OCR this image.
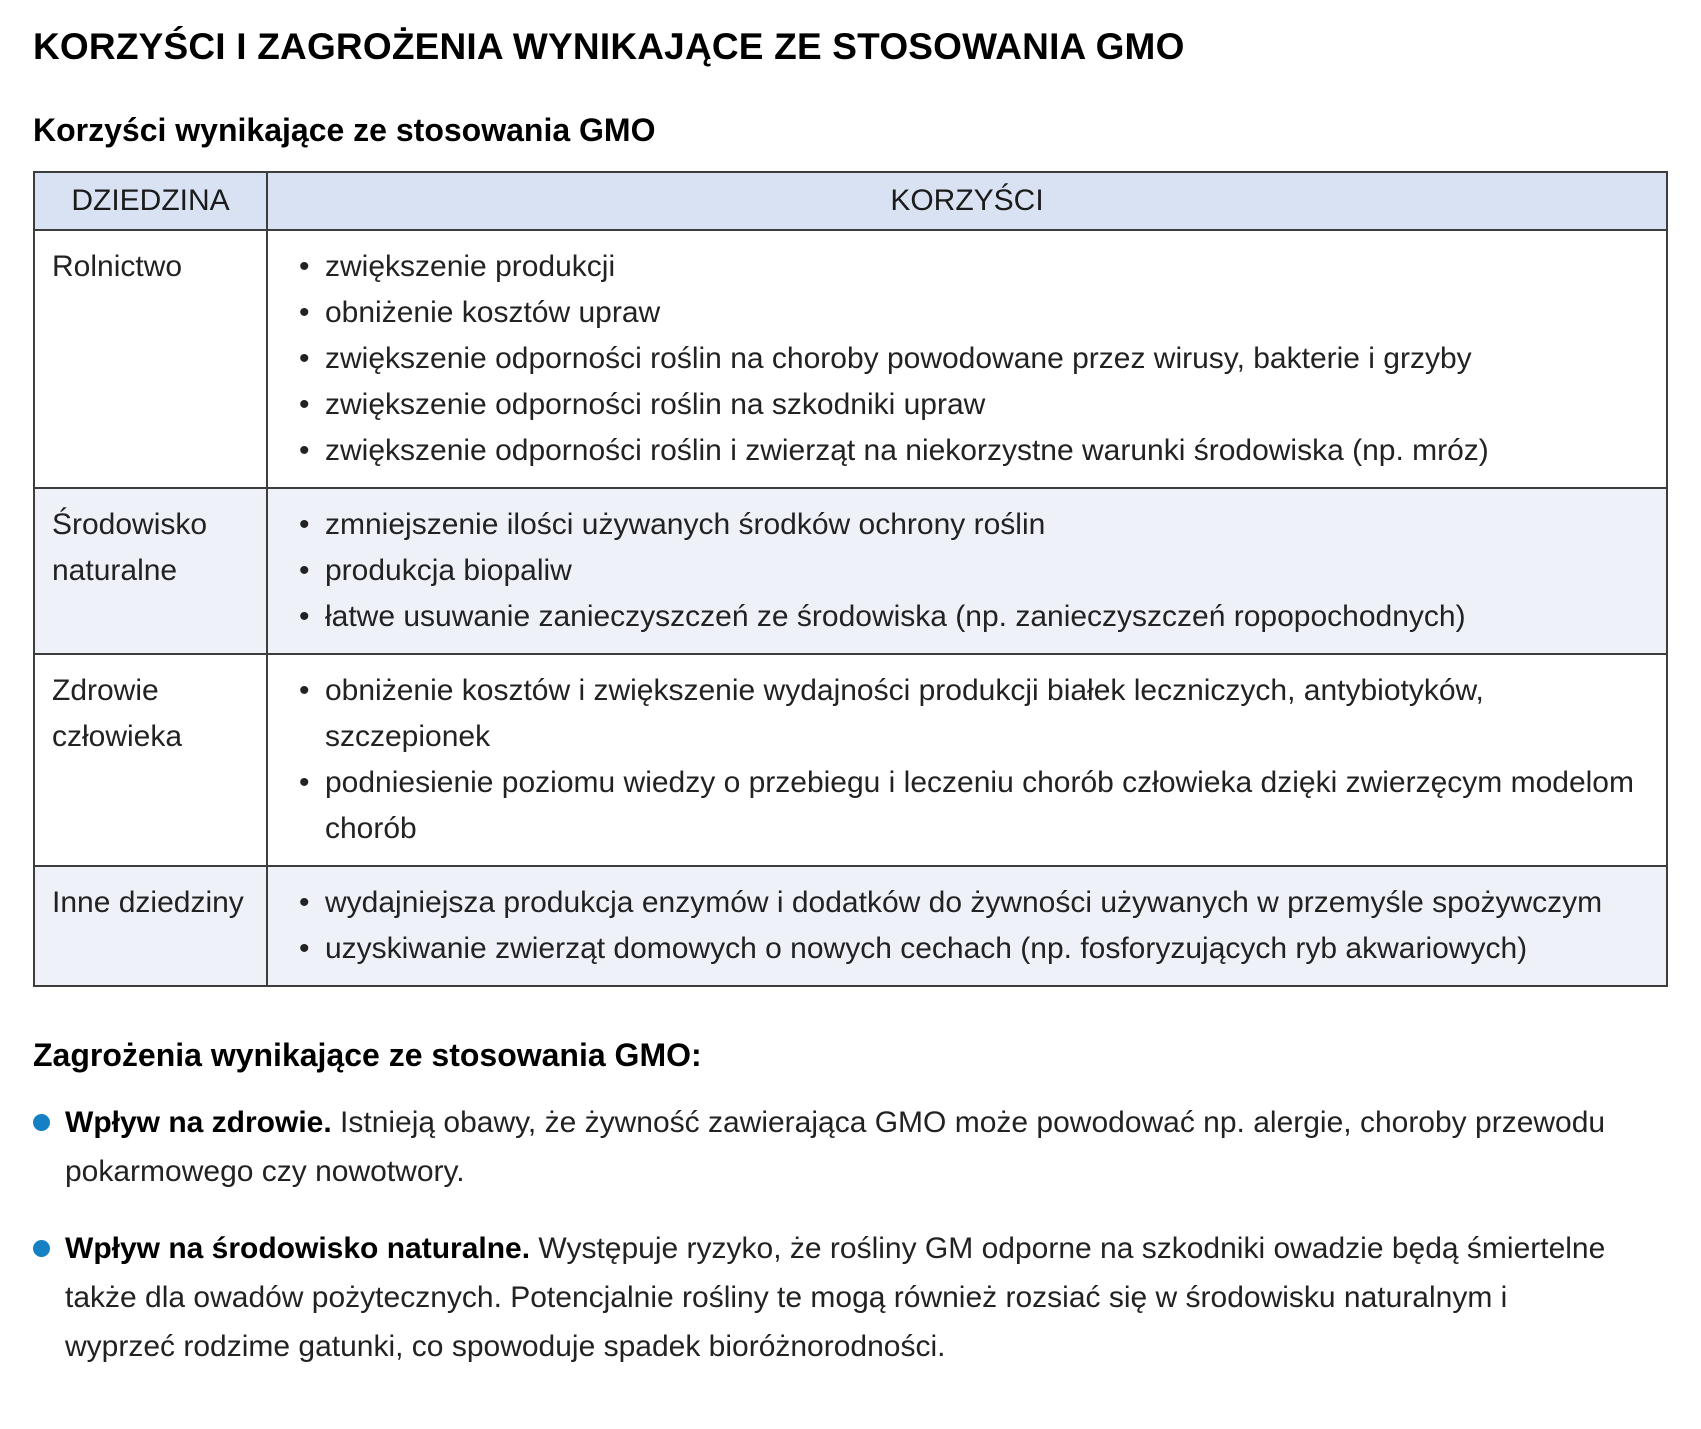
KORZYŚCI I ZAGROŻENIA WYNIKAJĄCE ZE STOSOWANIA GMO
Korzyści wynikające ze stosowania GMO
DZIEDZINA	KORZYŚCI
Rolnictwo	• zwiększenie produkcji
• obniżenie kosztów upraw
• zwiększenie odporności roślin na choroby powodowane przez wirusy, bakterie i grzyby
• zwiększenie odporności roślin na szkodniki upraw
• zwiększenie odporności roślin i zwierząt na niekorzystne warunki środowiska (np. mróz)

Środowisko naturalne	• zmniejszenie ilości używanych środków ochrony roślin
• produkcja biopaliw
• łatwe usuwanie zanieczyszczeń ze środowiska (np. zanieczyszczeń ropopochodnych)

Zdrowie człowieka	• obniżenie kosztów i zwiększenie wydajności produkcji białek leczniczych, antybiotyków, szczepionek
• podniesienie poziomu wiedzy o przebiegu i leczeniu chorób człowieka dzięki zwierzęcym modelom chorób

Inne dziedziny	• wydajniejsza produkcja enzymów i dodatków do żywności używanych w przemyśle spożywczym
• uzyskiwanie zwierząt domowych o nowych cechach (np. fosforyzujących ryb akwariowych)
Zagrożenia wynikające ze stosowania GMO:
Wpływ na zdrowie. Istnieją obawy, że żywność zawierająca GMO może powodować np. alergie, choroby przewodu pokarmowego czy nowotwory.
Wpływ na środowisko naturalne. Występuje ryzyko, że rośliny GM odporne na szkodniki owadzie będą śmiertelne także dla owadów pożytecznych. Potencjalnie rośliny te mogą również rozsiać się w środowisku naturalnym i wyprzeć rodzime gatunki, co spowoduje spadek bioróżnorodności.
